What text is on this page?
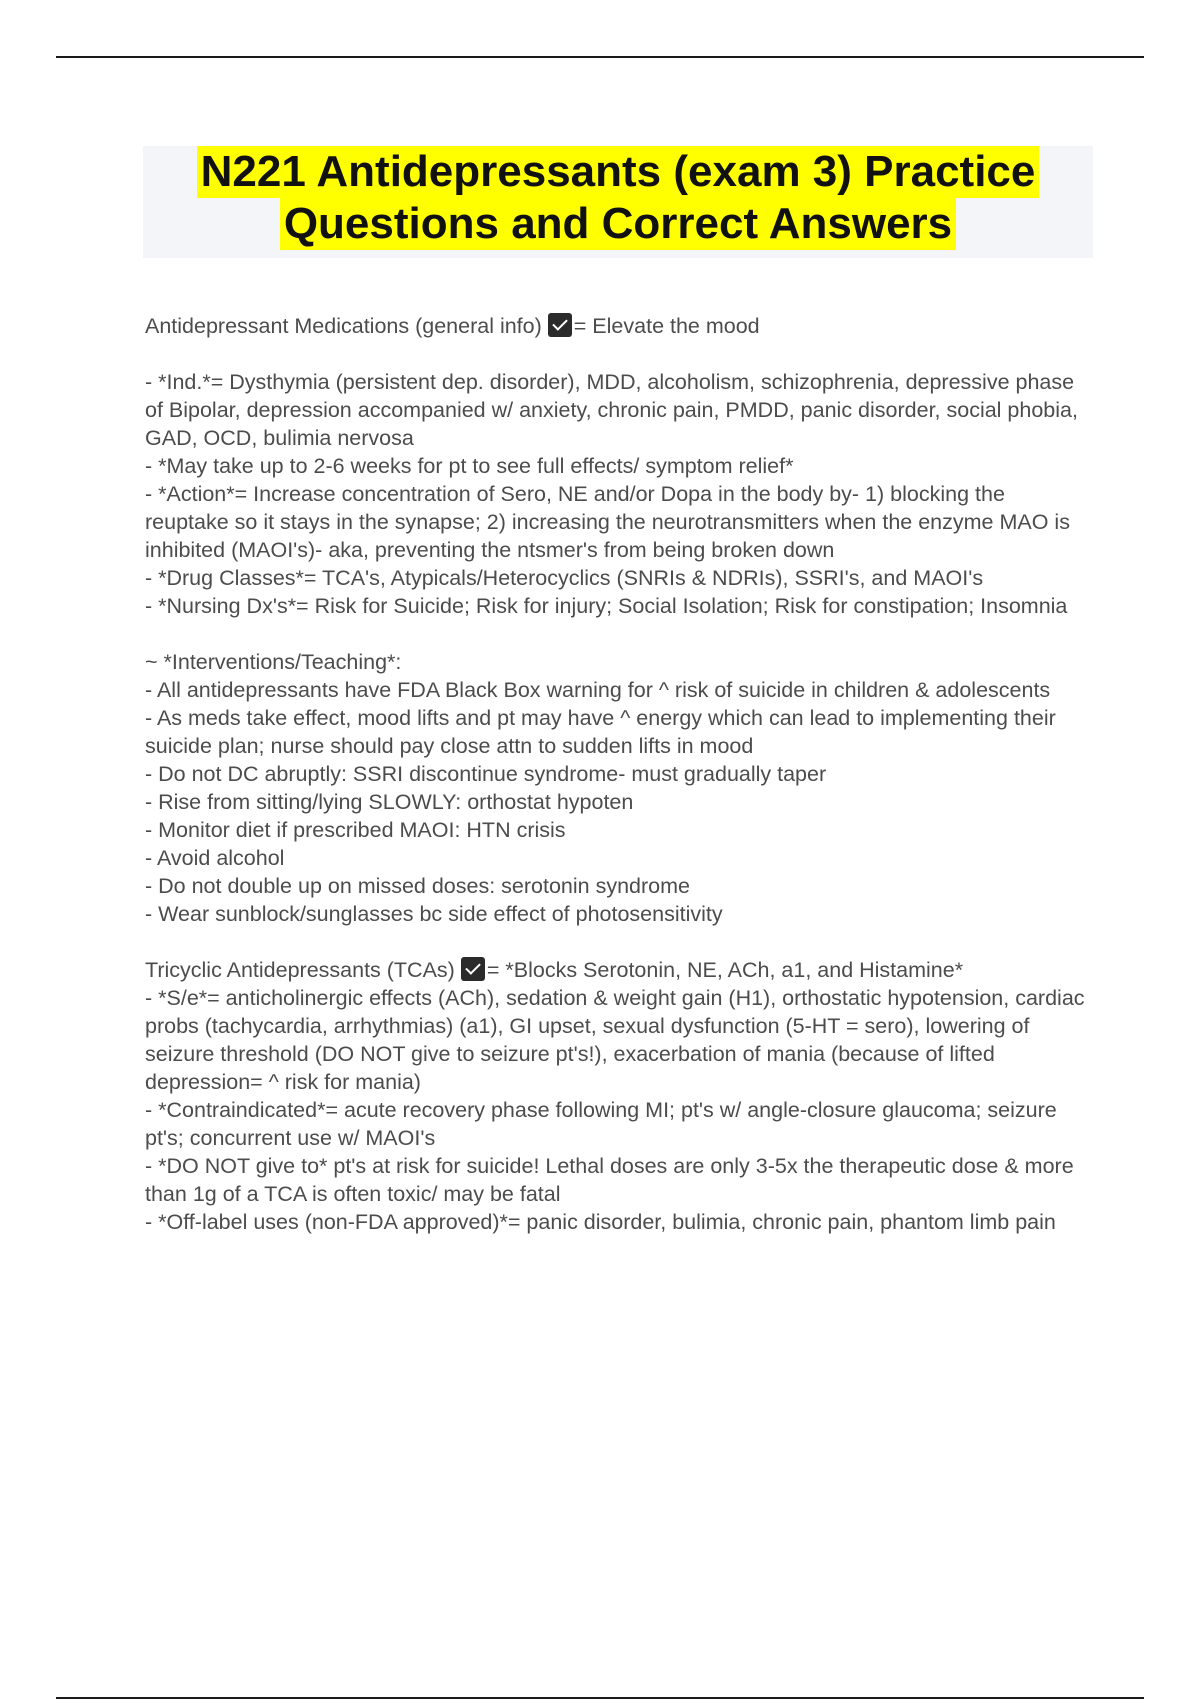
N221 Antidepressants (exam 3) Practice
Questions and Correct Answers

Antidepressant Medications (general info) = Elevate the mood

- *Ind.*= Dysthymia (persistent dep. disorder), MDD, alcoholism, schizophrenia, depressive phase of Bipolar, depression accompanied w/ anxiety, chronic pain, PMDD, panic disorder, social phobia, GAD, OCD, bulimia nervosa

- *May take up to 2-6 weeks for pt to see full effects/ symptom relief*

- *Action*= Increase concentration of Sero, NE and/or Dopa in the body by- 1) blocking the reuptake so it stays in the synapse; 2) increasing the neurotransmitters when the enzyme MAO is inhibited (MAOI's)- aka, preventing the ntsmer's from being broken down

- *Drug Classes*= TCA's, Atypicals/Heterocyclics (SNRIs & NDRIs), SSRI's, and MAOI's

- *Nursing Dx's*= Risk for Suicide; Risk for injury; Social Isolation; Risk for constipation; Insomnia

~ *Interventions/Teaching*:

- All antidepressants have FDA Black Box warning for ^ risk of suicide in children & adolescents

- As meds take effect, mood lifts and pt may have ^ energy which can lead to implementing their suicide plan; nurse should pay close attn to sudden lifts in mood

- Do not DC abruptly: SSRI discontinue syndrome- must gradually taper

- Rise from sitting/lying SLOWLY: orthostat hypoten

- Monitor diet if prescribed MAOI: HTN crisis

- Avoid alcohol

- Do not double up on missed doses: serotonin syndrome

- Wear sunblock/sunglasses bc side effect of photosensitivity

Tricyclic Antidepressants (TCAs) = *Blocks Serotonin, NE, ACh, a1, and Histamine*

- *S/e*= anticholinergic effects (ACh), sedation & weight gain (H1), orthostatic hypotension, cardiac probs (tachycardia, arrhythmias) (a1), GI upset, sexual dysfunction (5-HT = sero), lowering of seizure threshold (DO NOT give to seizure pt's!), exacerbation of mania (because of lifted depression= ^ risk for mania)

- *Contraindicated*= acute recovery phase following MI; pt's w/ angle-closure glaucoma; seizure pt's; concurrent use w/ MAOI's

- *DO NOT give to* pt's at risk for suicide! Lethal doses are only 3-5x the therapeutic dose & more than 1g of a TCA is often toxic/ may be fatal

- *Off-label uses (non-FDA approved)*= panic disorder, bulimia, chronic pain, phantom limb pain
